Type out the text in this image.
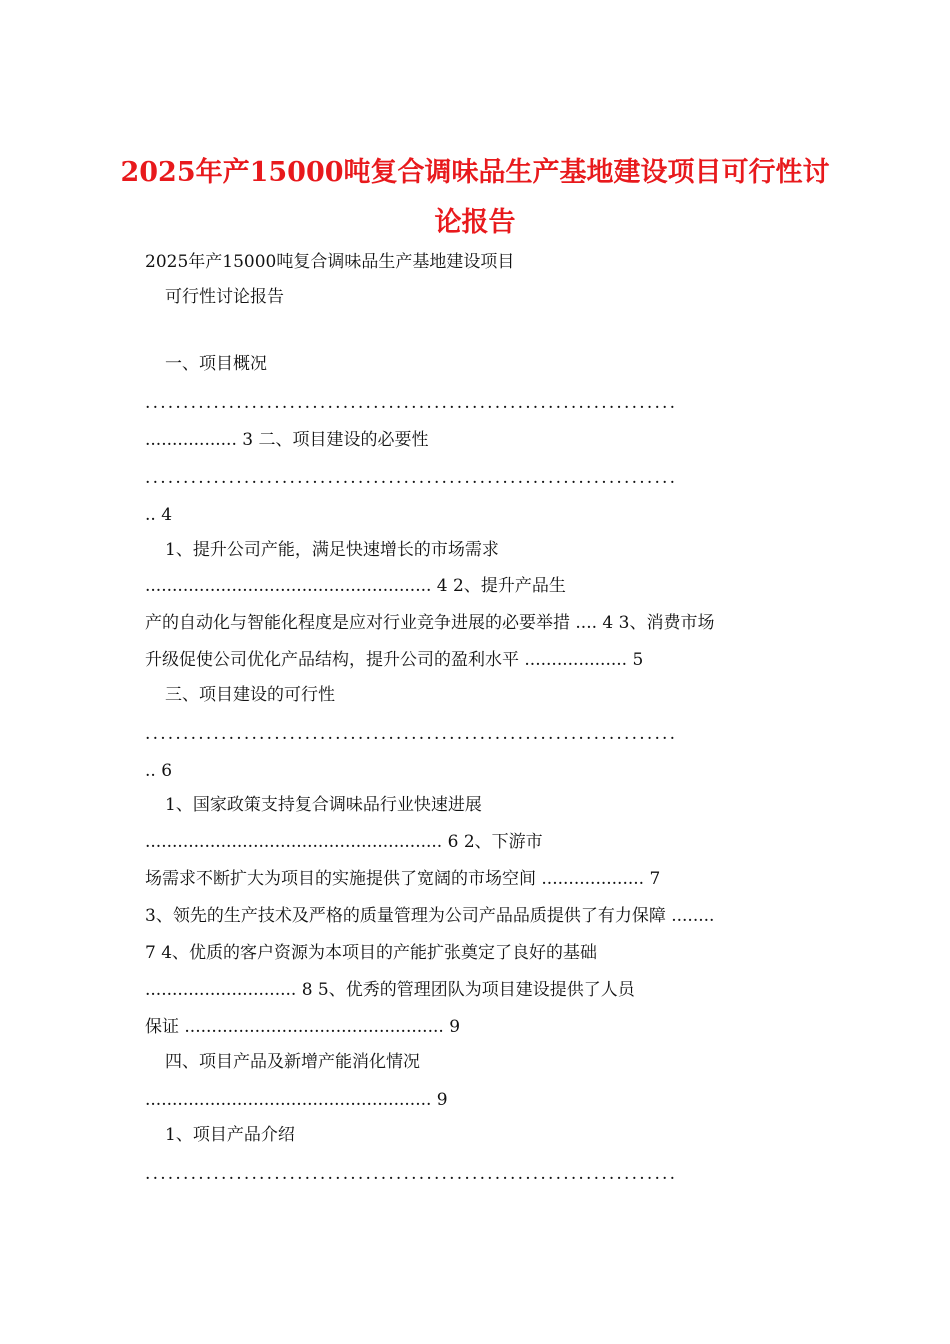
2025年产15000吨复合调味品生产基地建设项目可行性讨
论报告
2025年产15000吨复合调味品生产基地建设项目
可行性讨论报告
一、项目概况
......................................................................
................. 3 二、项目建设的必要性
......................................................................
.. 4
1、提升公司产能，满足快速增长的市场需求
..................................................... 4 2、提升产品生
产的自动化与智能化程度是应对行业竞争进展的必要举措 .... 4 3、消费市场
升级促使公司优化产品结构，提升公司的盈利水平 ................... 5
三、项目建设的可行性
......................................................................
.. 6
1、国家政策支持复合调味品行业快速进展
....................................................... 6 2、下游市
场需求不断扩大为项目的实施提供了宽阔的市场空间 ................... 7
3、领先的生产技术及严格的质量管理为公司产品品质提供了有力保障 ........
7 4、优质的客户资源为本项目的产能扩张奠定了良好的基础
............................ 8 5、优秀的管理团队为项目建设提供了人员
保证 ................................................ 9
四、项目产品及新增产能消化情况
..................................................... 9
1、项目产品介绍
......................................................................
